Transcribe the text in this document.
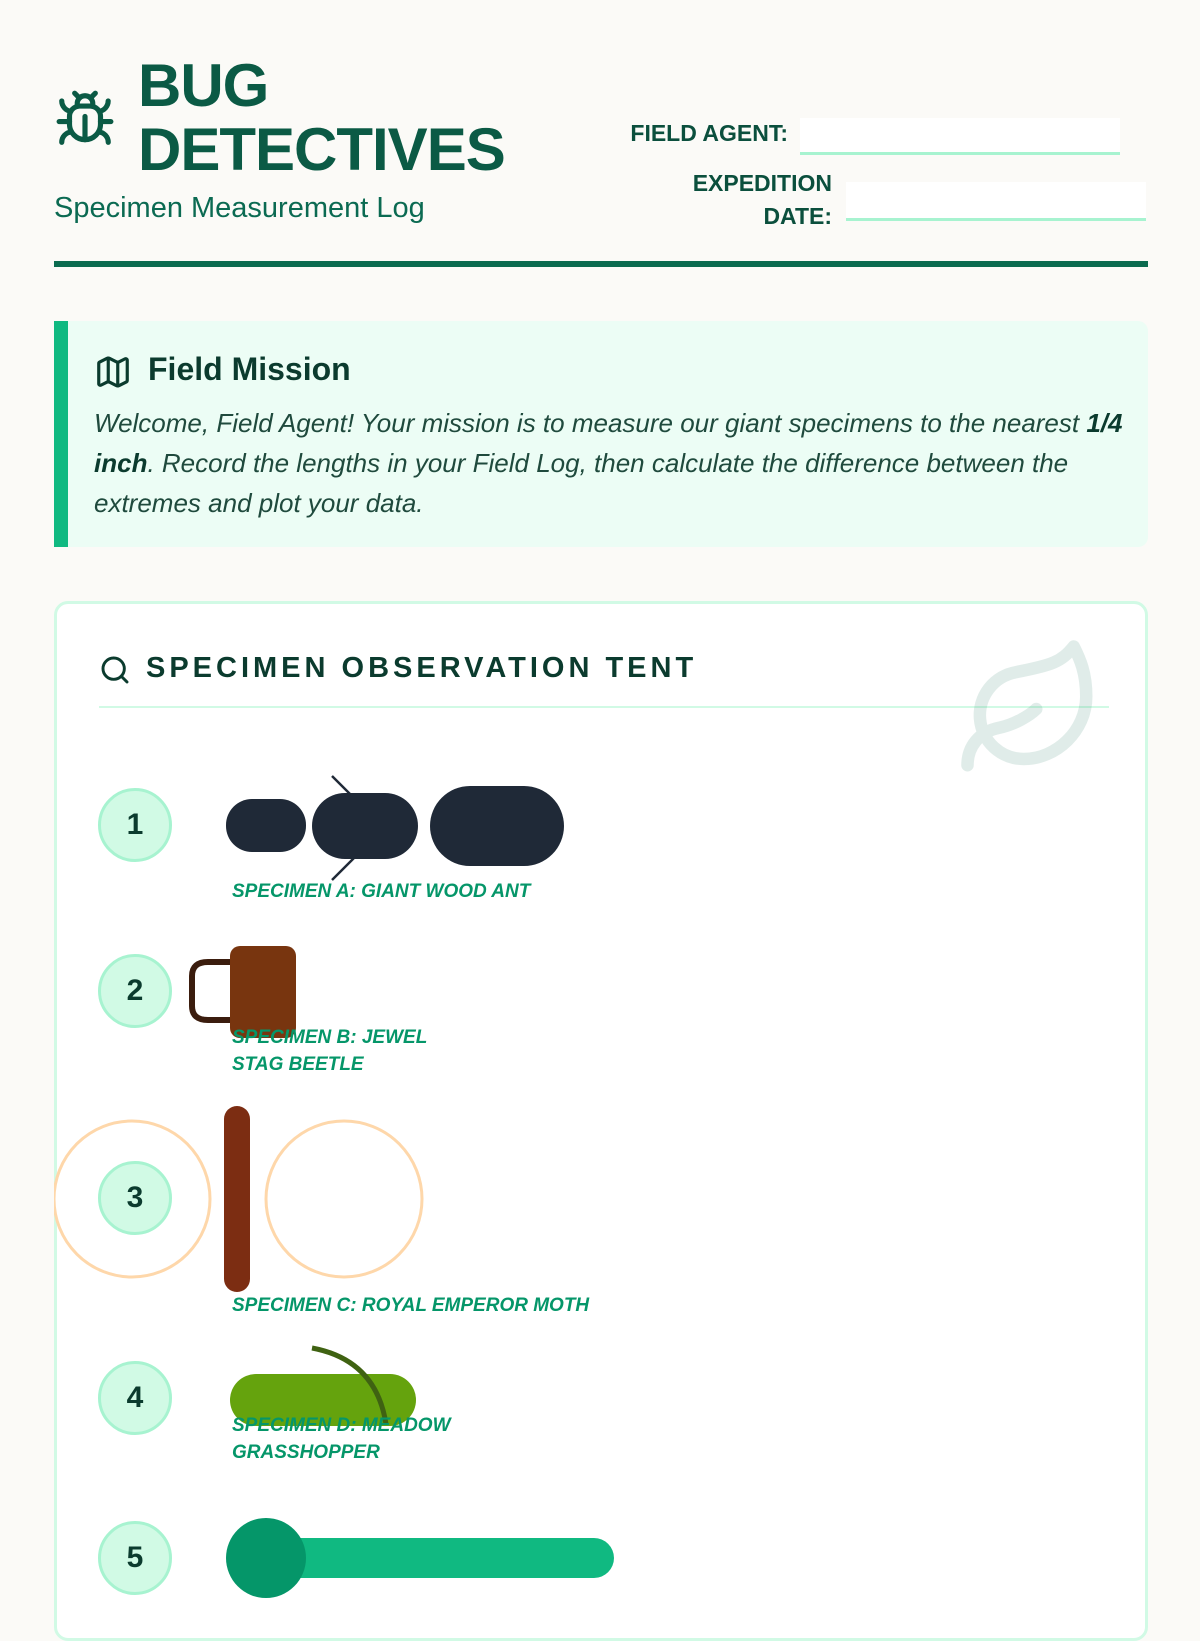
BUG
DETECTIVES
Specimen Measurement Log
FIELD AGENT:
EXPEDITION
DATE:
Field Mission
Welcome, Field Agent! Your mission is to measure our giant specimens to the nearest 1/4 inch. Record the lengths in your Field Log, then calculate the difference between the extremes and plot your data.
SPECIMEN OBSERVATION TENT
1
SPECIMEN A: GIANT WOOD ANT
2
SPECIMEN B: JEWEL
STAG BEETLE
3
SPECIMEN C: ROYAL EMPEROR MOTH
4
SPECIMEN D: MEADOW
GRASSHOPPER
5
